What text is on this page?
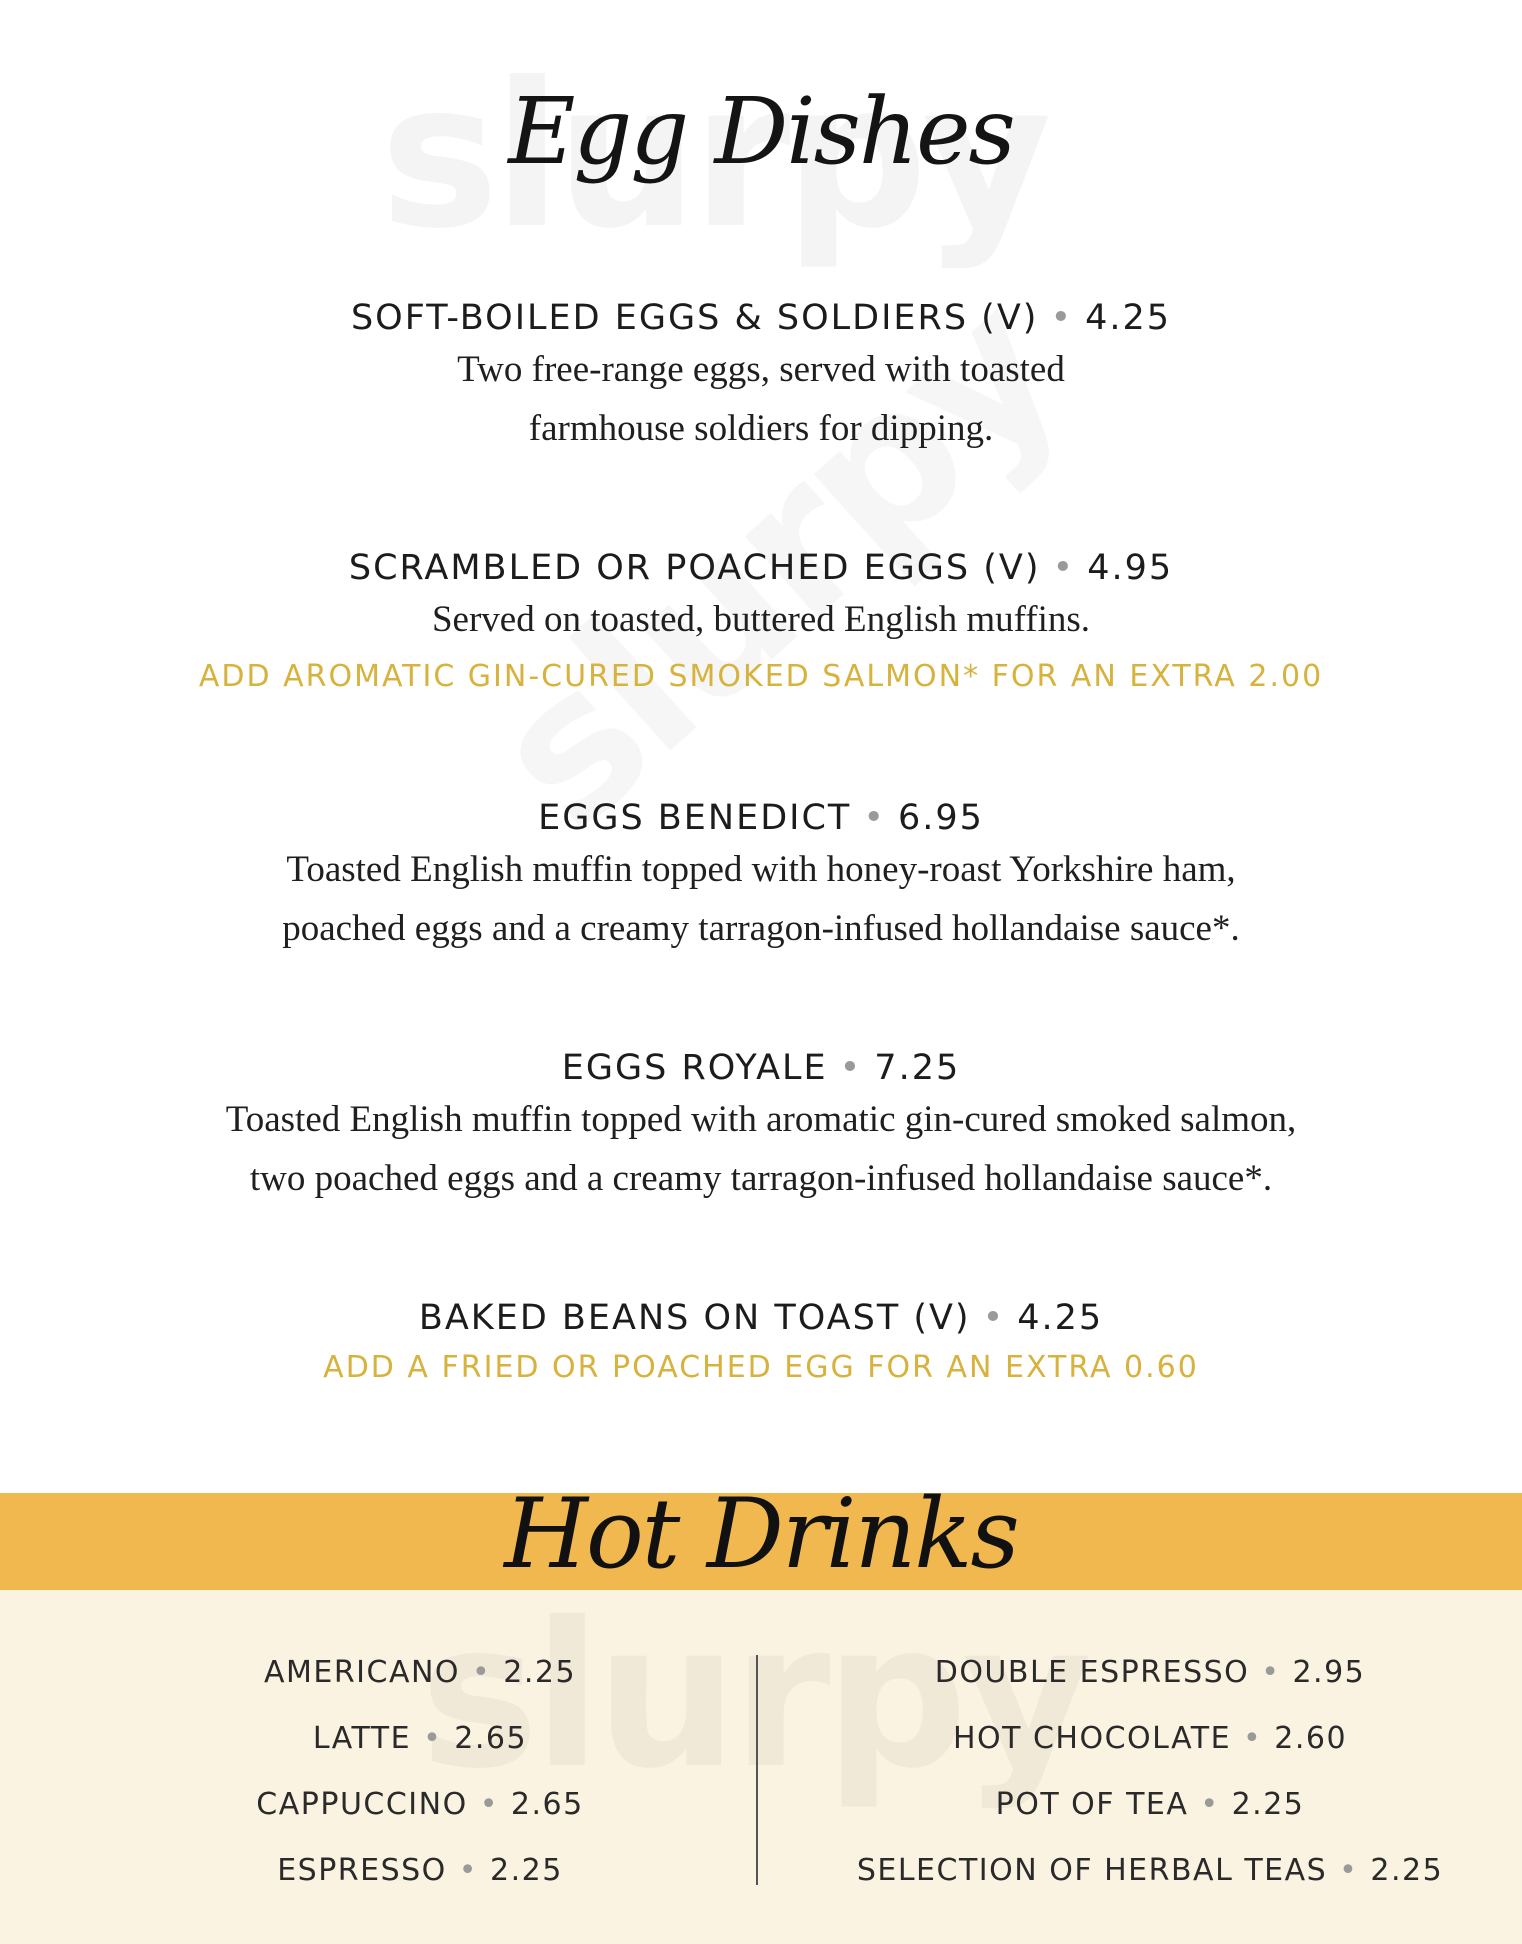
Egg Dishes
SOFT-BOILED EGGS & SOLDIERS (V) • 4.25
Two free-range eggs, served with toasted
farmhouse soldiers for dipping.
SCRAMBLED OR POACHED EGGS (V) • 4.95
Served on toasted, buttered English muffins.
ADD AROMATIC GIN-CURED SMOKED SALMON* FOR AN EXTRA 2.00
EGGS BENEDICT • 6.95
Toasted English muffin topped with honey-roast Yorkshire ham,
poached eggs and a creamy tarragon-infused hollandaise sauce*.
EGGS ROYALE • 7.25
Toasted English muffin topped with aromatic gin-cured smoked salmon,
two poached eggs and a creamy tarragon-infused hollandaise sauce*.
BAKED BEANS ON TOAST (V) • 4.25
ADD A FRIED OR POACHED EGG FOR AN EXTRA 0.60
Hot Drinks
AMERICANO • 2.25
LATTE • 2.65
CAPPUCCINO • 2.65
ESPRESSO • 2.25
DOUBLE ESPRESSO • 2.95
HOT CHOCOLATE • 2.60
POT OF TEA • 2.25
SELECTION OF HERBAL TEAS • 2.25
